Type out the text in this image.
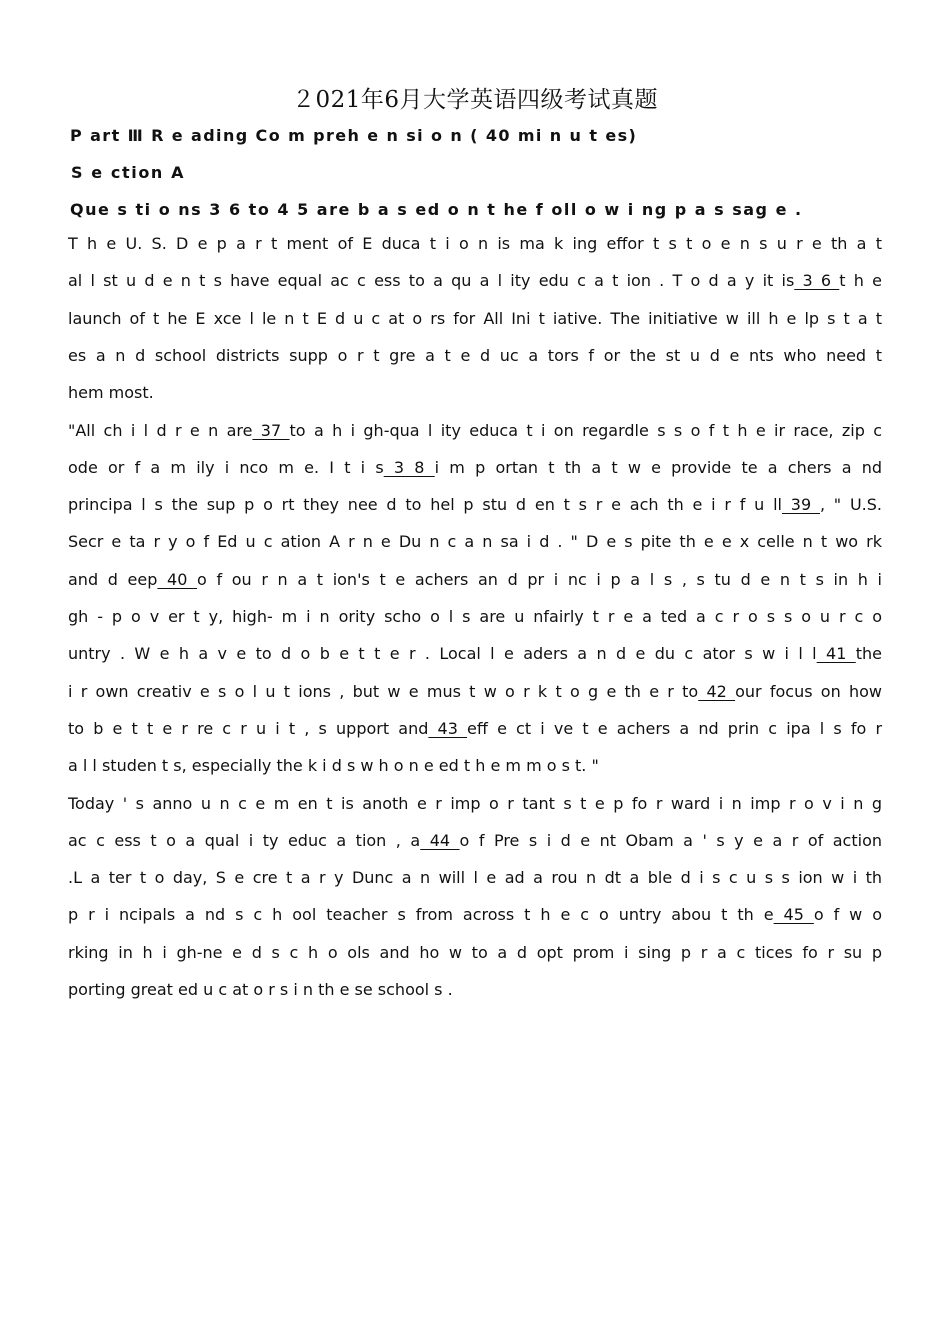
２021年6月大学英语四级考试真题
P art Ⅲ R e ading Co m preh e n si o n ( 40 mi n u t es)
S e ction A
Que s ti o ns 3 6 to 4 5 are b a s ed o n t he f oll o w i ng p a s sag e .
T h e U. S. D e p a r t ment of E duca t i o n is ma k ing effor t s t o e n s u r e th a t
al l st u d e n t s have equal ac c ess to a qu a l ity edu c a t ion . T o d a y it is 3 6 t h e
launch of t he E xce l le n t E d u c at o rs for All Ini t iative. The initiative w ill h e lp s t a t
es a n d school districts supp o r t gre a t e d uc a tors f or the st u d e nts who need t
hem most.
"All ch i l d r e n are 37 to a h i gh-qua l ity educa t i on regardle s s o f t h e ir race, zip c
ode or f a m ily i nco m e. I t i s 3 8 i m p ortan t th a t w e provide te a chers a nd
principa l s the sup p o rt they nee d to hel p stu d en t s r e ach th e i r f u ll 39 , " U.S.
Secr e ta r y o f Ed u c ation A r n e Du n c a n sa i d . " D e s pite th e e x celle n t wo rk
and d eep 40 o f ou r n a t ion's t e achers an d pr i nc i p a l s , s tu d e n t s in h i
gh - p o v er t y, high- m i n ority scho o l s are u nfairly t r e a ted a c r o s s o u r c o
untry . W e h a v e to d o b e t t e r . Local l e aders a n d e du c ator s w i l l 41 the
i r own creativ e s o l u t ions , but w e mus t w o r k t o g e th e r to 42 our focus on how
to b e t t e r re c r u i t , s upport and 43 eff e ct i ve t e achers a nd prin c ipa l s fo r
a l l studen t s, especially the k i d s w h o n e ed t h e m m o s t. "
Today ' s anno u n c e m en t is anoth e r imp o r tant s t e p fo r ward i n imp r o v i n g
ac c ess t o a qual i ty educ a tion , a 44 o f Pre s i d e nt Obam a ' s y e a r of action
.L a ter t o day, S e cre t a r y Dunc a n will l e ad a rou n dt a ble d i s c u s s ion w i th
p r i ncipals a nd s c h ool teacher s from across t h e c o untry abou t th e 45 o f w o
rking in h i gh-ne e d s c h o ols and ho w to a d opt prom i sing p r a c tices fo r su p
porting great ed u c at o r s i n th e se school s .
